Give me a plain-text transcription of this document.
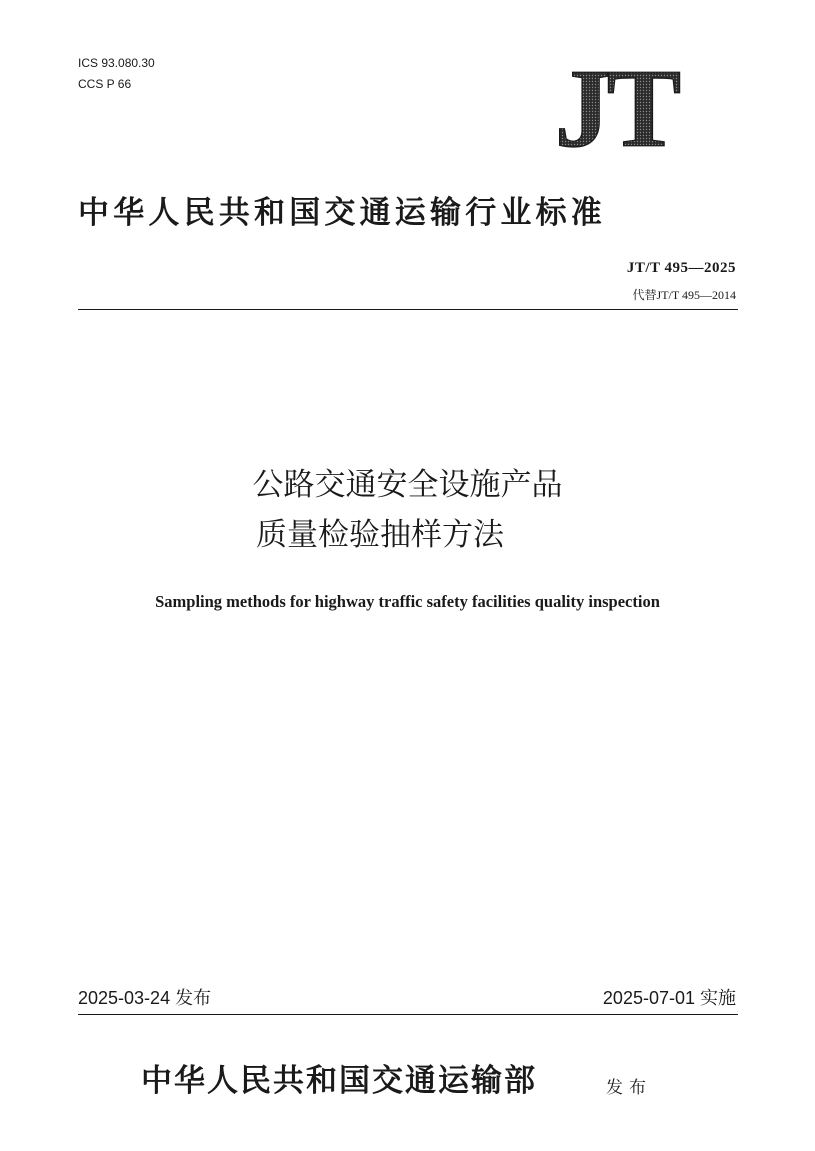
ICS 93.080.30
CCS P 66	JT
中华人民共和国交通运输行业标准
JT/T 495—2025
代替JT/T 495—2014
公路交通安全设施产品
质量检验抽样方法
Sampling methods for highway traffic safety facilities quality inspection
2025-03-24 发布	2025-07-01 实施
中华人民共和国交通运输部	发布
